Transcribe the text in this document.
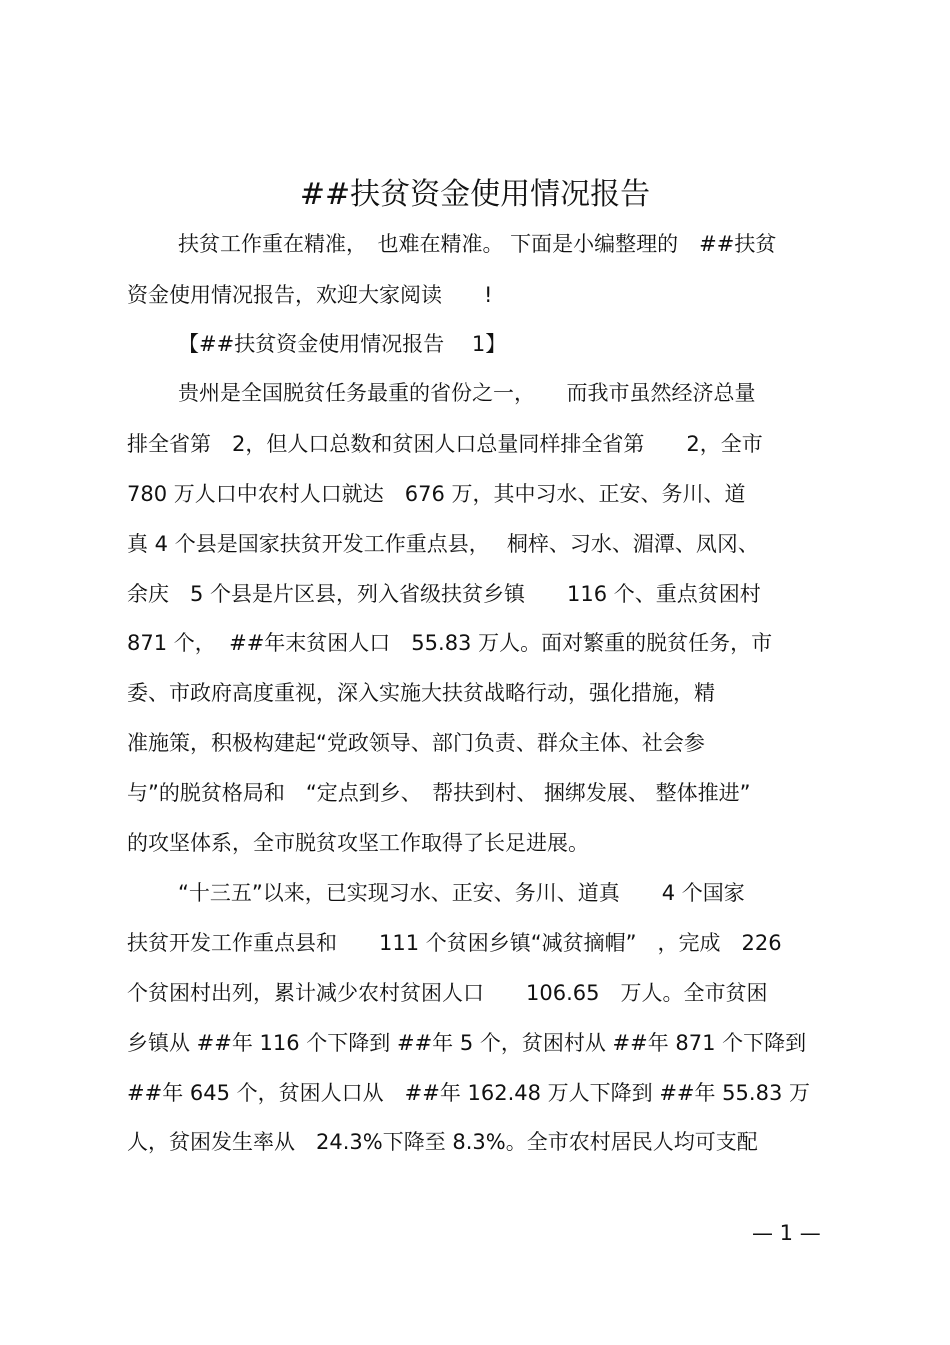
##扶贫资金使用情况报告
扶贫工作重在精准，　也难在精准。 下面是小编整理的　##扶贫
资金使用情况报告，欢迎大家阅读　　!
【##扶贫资金使用情况报告　 1】
贵州是全国脱贫任务最重的省份之一，　　而我市虽然经济总量
排全省第　2，但人口总数和贫困人口总量同样排全省第　　2，全市
780 万人口中农村人口就达　676 万，其中习水、正安、务川、道
真 4 个县是国家扶贫开发工作重点县，　 桐梓、习水、湄潭、凤冈、
余庆　5 个县是片区县，列入省级扶贫乡镇　　116 个、重点贫困村
871 个，  ##年末贫困人口　55.83 万人。面对繁重的脱贫任务，市
委、市政府高度重视，深入实施大扶贫战略行动，强化措施，精
准施策，积极构建起“党政领导、部门负责、群众主体、社会参
与”的脱贫格局和　“定点到乡、　帮扶到村、 捆绑发展、 整体推进”
的攻坚体系，全市脱贫攻坚工作取得了长足进展。
“十三五”以来，已实现习水、正安、务川、道真　　4 个国家
扶贫开发工作重点县和　　111 个贫困乡镇“减贫摘帽”　，完成　226
个贫困村出列，累计减少农村贫困人口　　106.65　万人。全市贫困
乡镇从 ##年 116 个下降到 ##年 5 个，贫困村从 ##年 871 个下降到
##年 645 个，贫困人口从　##年 162.48 万人下降到 ##年 55.83 万
人，贫困发生率从　24.3%下降至 8.3%。全市农村居民人均可支配
— 1 —
